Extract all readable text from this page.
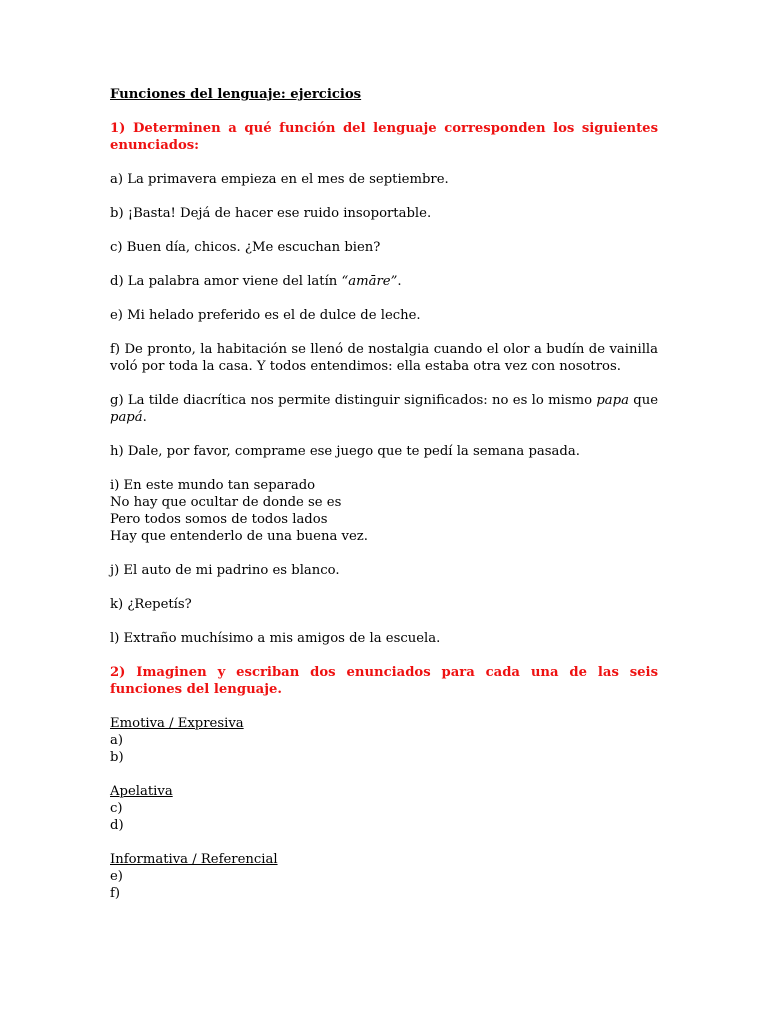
Funciones del lenguaje: ejercicios
1) Determinen a qué función del lenguaje corresponden los siguientes enunciados:
a) La primavera empieza en el mes de septiembre.
b) ¡Basta! Dejá de hacer ese ruido insoportable.
c) Buen día, chicos. ¿Me escuchan bien?
d) La palabra amor viene del latín “amāre”.
e) Mi helado preferido es el de dulce de leche.
f) De pronto, la habitación se llenó de nostalgia cuando el olor a budín de vainilla voló por toda la casa. Y todos entendimos: ella estaba otra vez con nosotros.
g) La tilde diacrítica nos permite distinguir significados: no es lo mismo papa que papá.
h) Dale, por favor, comprame ese juego que te pedí la semana pasada.
i) En este mundo tan separado
No hay que ocultar de donde se es
Pero todos somos de todos lados
Hay que entenderlo de una buena vez.
j) El auto de mi padrino es blanco.
k) ¿Repetís?
l) Extraño muchísimo a mis amigos de la escuela.
2) Imaginen y escriban dos enunciados para cada una de las seis funciones del lenguaje.
Emotiva / Expresiva
a)
b)
Apelativa
c)
d)
Informativa / Referencial
e)
f)
